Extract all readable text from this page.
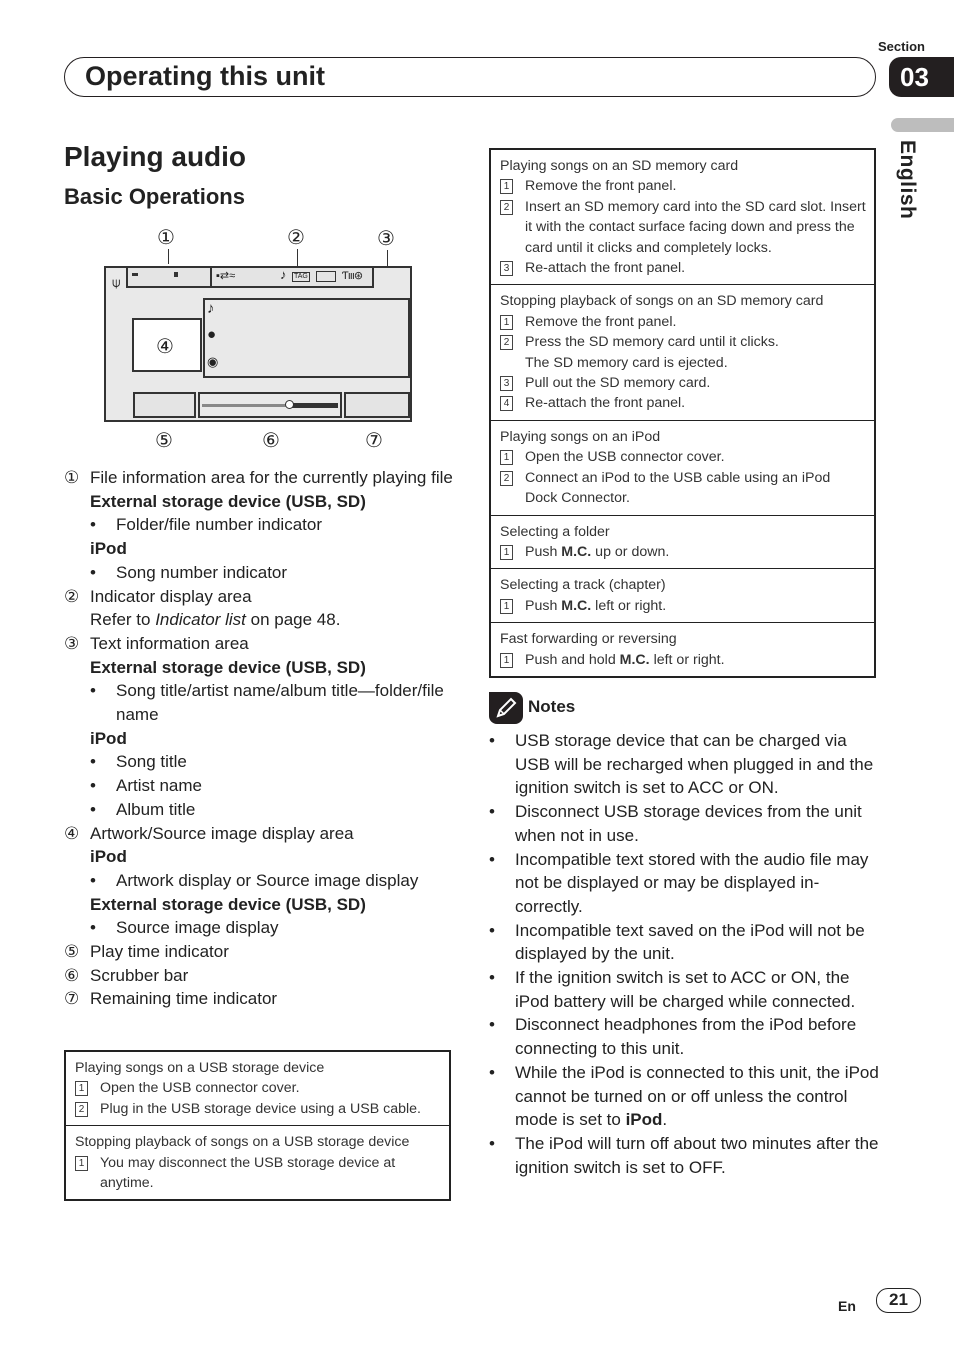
Section
03
Operating this unit
English
Playing audio
Basic Operations
①	②	③
⍦	▪⇄≈	♪ TAG	Ƭııı⊛
♪
●
◉
④
⑤	⑥	⑦
① File information area for the currently playing file
External storage device (USB, SD)
•	Folder/file number indicator
iPod
•	Song number indicator
② Indicator display area
Refer to Indicator list on page 48.
③ Text information area
External storage device (USB, SD)
•	Song title/artist name/album title—folder/file name
iPod
•	Song title
•	Artist name
•	Album title
④ Artwork/Source image display area
iPod
•	Artwork display or Source image display
External storage device (USB, SD)
•	Source image display
⑤ Play time indicator
⑥ Scrubber bar
⑦ Remaining time indicator
Playing songs on a USB storage device
1 Open the USB connector cover.
2 Plug in the USB storage device using a USB cable.
Stopping playback of songs on a USB storage device
1 You may disconnect the USB storage device at anytime.
Playing songs on an SD memory card
1 Remove the front panel.
2 Insert an SD memory card into the SD card slot. Insert it with the contact surface facing down and press the card until it clicks and completely locks.
3 Re-attach the front panel.
Stopping playback of songs on an SD memory card
1 Remove the front panel.
2 Press the SD memory card until it clicks.
The SD memory card is ejected.
3 Pull out the SD memory card.
4 Re-attach the front panel.
Playing songs on an iPod
1 Open the USB connector cover.
2 Connect an iPod to the USB cable using an iPod Dock Connector.
Selecting a folder
1 Push M.C. up or down.
Selecting a track (chapter)
1 Push M.C. left or right.
Fast forwarding or reversing
1 Push and hold M.C. left or right.
Notes
•	USB storage device that can be charged via USB will be recharged when plugged in and the ignition switch is set to ACC or ON.
•	Disconnect USB storage devices from the unit when not in use.
•	Incompatible text stored with the audio file may not be displayed or may be displayed in-correctly.
•	Incompatible text saved on the iPod will not be displayed by the unit.
•	If the ignition switch is set to ACC or ON, the iPod battery will be charged while connected.
•	Disconnect headphones from the iPod before connecting to this unit.
•	While the iPod is connected to this unit, the iPod cannot be turned on or off unless the control mode is set to iPod.
•	The iPod will turn off about two minutes after the ignition switch is set to OFF.
En	21
